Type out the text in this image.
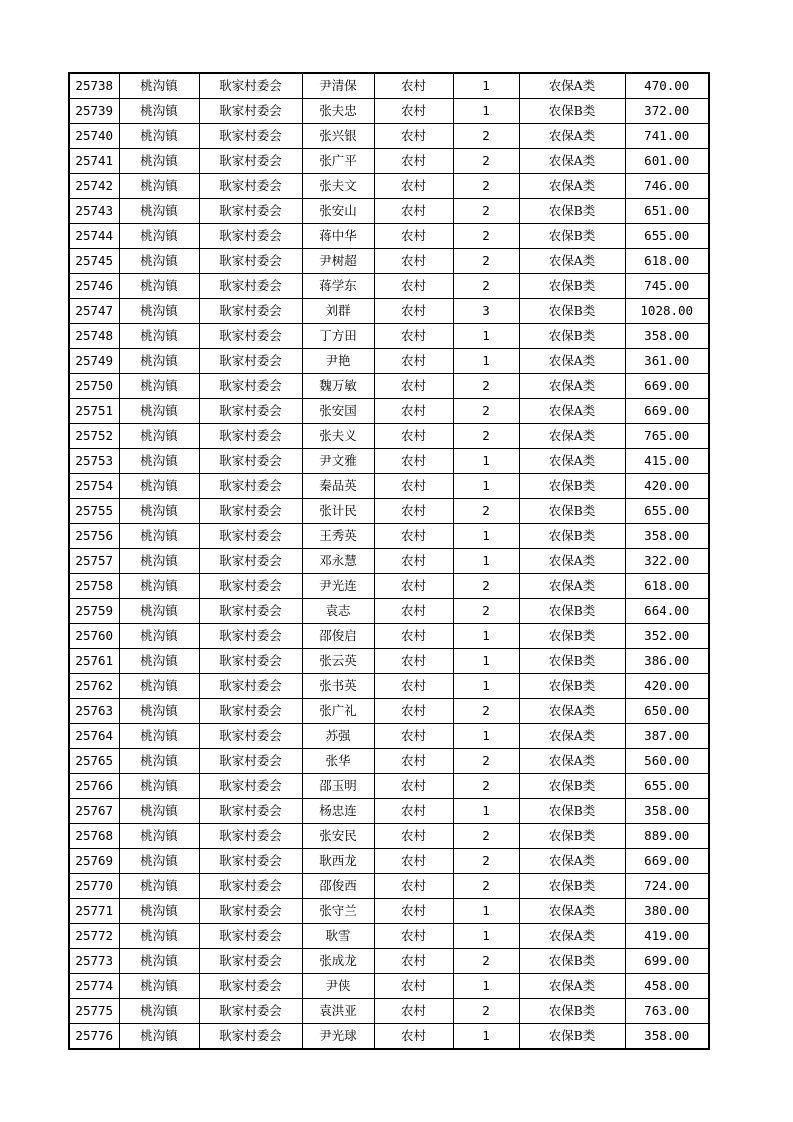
25738	桃沟镇	耿家村委会	尹清保	农村	1	农保A类	470.00
25739	桃沟镇	耿家村委会	张夫忠	农村	1	农保B类	372.00
25740	桃沟镇	耿家村委会	张兴银	农村	2	农保A类	741.00
25741	桃沟镇	耿家村委会	张广平	农村	2	农保A类	601.00
25742	桃沟镇	耿家村委会	张夫文	农村	2	农保A类	746.00
25743	桃沟镇	耿家村委会	张安山	农村	2	农保B类	651.00
25744	桃沟镇	耿家村委会	蒋中华	农村	2	农保B类	655.00
25745	桃沟镇	耿家村委会	尹树超	农村	2	农保A类	618.00
25746	桃沟镇	耿家村委会	蒋学东	农村	2	农保B类	745.00
25747	桃沟镇	耿家村委会	刘群	农村	3	农保B类	1028.00
25748	桃沟镇	耿家村委会	丁方田	农村	1	农保B类	358.00
25749	桃沟镇	耿家村委会	尹艳	农村	1	农保A类	361.00
25750	桃沟镇	耿家村委会	魏万敏	农村	2	农保A类	669.00
25751	桃沟镇	耿家村委会	张安国	农村	2	农保A类	669.00
25752	桃沟镇	耿家村委会	张夫义	农村	2	农保A类	765.00
25753	桃沟镇	耿家村委会	尹文雅	农村	1	农保A类	415.00
25754	桃沟镇	耿家村委会	秦品英	农村	1	农保B类	420.00
25755	桃沟镇	耿家村委会	张计民	农村	2	农保B类	655.00
25756	桃沟镇	耿家村委会	王秀英	农村	1	农保B类	358.00
25757	桃沟镇	耿家村委会	邓永慧	农村	1	农保A类	322.00
25758	桃沟镇	耿家村委会	尹光连	农村	2	农保A类	618.00
25759	桃沟镇	耿家村委会	袁志	农村	2	农保B类	664.00
25760	桃沟镇	耿家村委会	邵俊启	农村	1	农保B类	352.00
25761	桃沟镇	耿家村委会	张云英	农村	1	农保B类	386.00
25762	桃沟镇	耿家村委会	张书英	农村	1	农保B类	420.00
25763	桃沟镇	耿家村委会	张广礼	农村	2	农保A类	650.00
25764	桃沟镇	耿家村委会	苏强	农村	1	农保A类	387.00
25765	桃沟镇	耿家村委会	张华	农村	2	农保A类	560.00
25766	桃沟镇	耿家村委会	邵玉明	农村	2	农保B类	655.00
25767	桃沟镇	耿家村委会	杨忠连	农村	1	农保B类	358.00
25768	桃沟镇	耿家村委会	张安民	农村	2	农保B类	889.00
25769	桃沟镇	耿家村委会	耿西龙	农村	2	农保A类	669.00
25770	桃沟镇	耿家村委会	邵俊西	农村	2	农保B类	724.00
25771	桃沟镇	耿家村委会	张守兰	农村	1	农保A类	380.00
25772	桃沟镇	耿家村委会	耿雪	农村	1	农保A类	419.00
25773	桃沟镇	耿家村委会	张成龙	农村	2	农保B类	699.00
25774	桃沟镇	耿家村委会	尹侠	农村	1	农保A类	458.00
25775	桃沟镇	耿家村委会	袁洪亚	农村	2	农保B类	763.00
25776	桃沟镇	耿家村委会	尹光球	农村	1	农保B类	358.00
